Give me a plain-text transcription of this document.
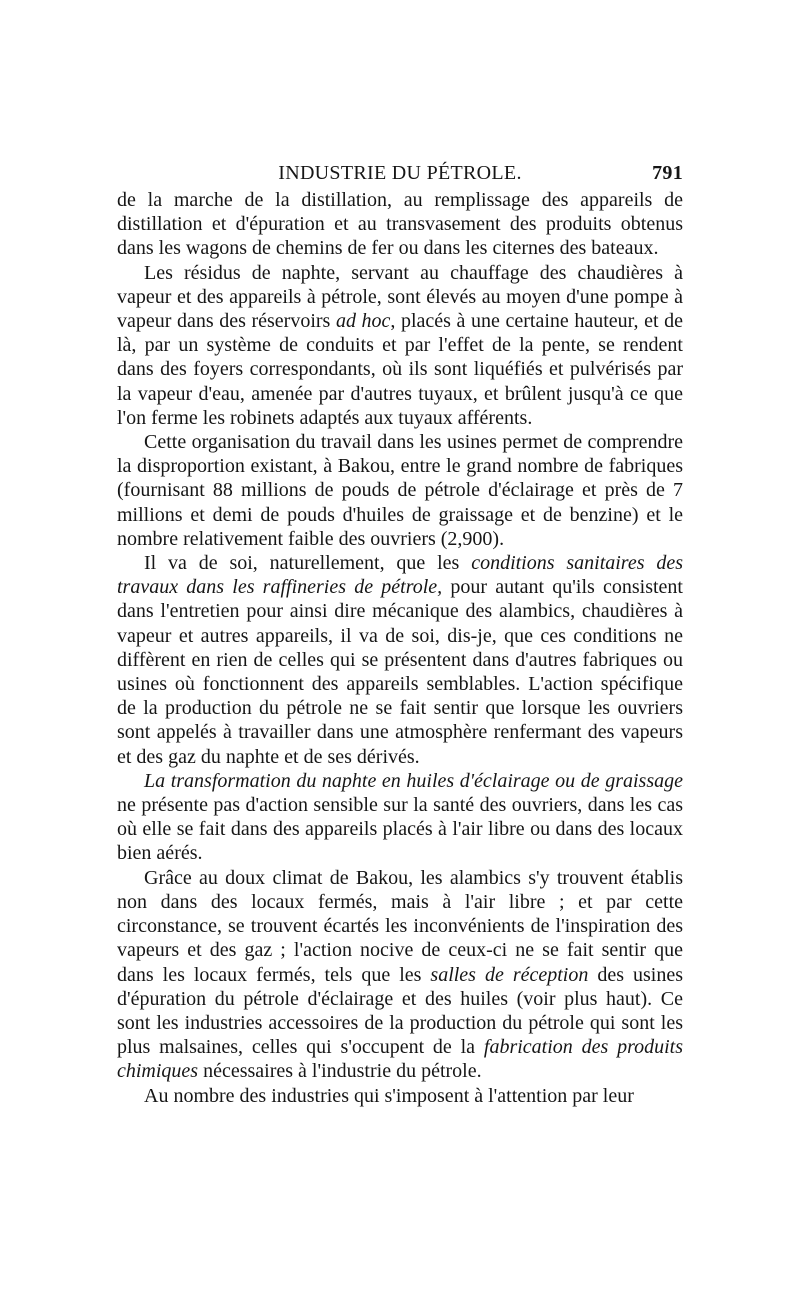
INDUSTRIE DU PÉTROLE.	791

de la marche de la distillation, au remplissage des appareils de distillation et d'épuration et au transvasement des produits obtenus dans les wagons de chemins de fer ou dans les citernes des bateaux.

Les résidus de naphte, servant au chauffage des chaudières à vapeur et des appareils à pétrole, sont élevés au moyen d'une pompe à vapeur dans des réservoirs ad hoc, placés à une certaine hauteur, et de là, par un système de conduits et par l'effet de la pente, se rendent dans des foyers correspondants, où ils sont liquéfiés et pulvérisés par la vapeur d'eau, amenée par d'autres tuyaux, et brûlent jusqu'à ce que l'on ferme les robinets adaptés aux tuyaux afférents.

Cette organisation du travail dans les usines permet de comprendre la disproportion existant, à Bakou, entre le grand nombre de fabriques (fournisant 88 millions de pouds de pétrole d'éclairage et près de 7 millions et demi de pouds d'huiles de graissage et de benzine) et le nombre relativement faible des ouvriers (2,900).

Il va de soi, naturellement, que les conditions sanitaires des travaux dans les raffineries de pétrole, pour autant qu'ils consistent dans l'entretien pour ainsi dire mécanique des alambics, chaudières à vapeur et autres appareils, il va de soi, dis-je, que ces conditions ne diffèrent en rien de celles qui se présentent dans d'autres fabriques ou usines où fonctionnent des appareils semblables. L'action spécifique de la production du pétrole ne se fait sentir que lorsque les ouvriers sont appelés à travailler dans une atmosphère renfermant des vapeurs et des gaz du naphte et de ses dérivés.

La transformation du naphte en huiles d'éclairage ou de graissage ne présente pas d'action sensible sur la santé des ouvriers, dans les cas où elle se fait dans des appareils placés à l'air libre ou dans des locaux bien aérés.

Grâce au doux climat de Bakou, les alambics s'y trouvent établis non dans des locaux fermés, mais à l'air libre ; et par cette circonstance, se trouvent écartés les inconvénients de l'inspiration des vapeurs et des gaz ; l'action nocive de ceux-ci ne se fait sentir que dans les locaux fermés, tels que les salles de réception des usines d'épuration du pétrole d'éclairage et des huiles (voir plus haut). Ce sont les industries accessoires de la production du pétrole qui sont les plus malsaines, celles qui s'occupent de la fabrication des produits chimiques nécessaires à l'industrie du pétrole.

Au nombre des industries qui s'imposent à l'attention par leur
